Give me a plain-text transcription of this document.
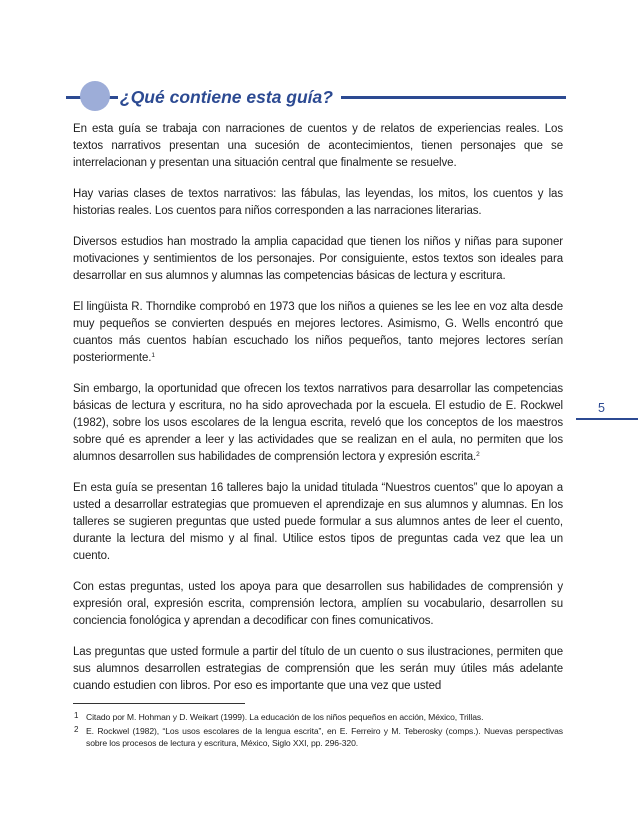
¿Qué contiene esta guía?
5

En esta guía se trabaja con narraciones de cuentos y de relatos de experiencias reales. Los textos narrativos presentan una sucesión de acontecimientos, tienen personajes que se interrelacionan y presentan una situación central que finalmente se resuelve.

Hay varias clases de textos narrativos: las fábulas, las leyendas, los mitos, los cuentos y las historias reales. Los cuentos para niños corresponden a las narraciones literarias.

Diversos estudios han mostrado la amplia capacidad que tienen los niños y niñas para suponer motivaciones y sentimientos de los personajes. Por consiguiente, estos textos son ideales para desarrollar en sus alumnos y alumnas las competencias básicas de lectura y escritura.

El lingüista R. Thorndike comprobó en 1973 que los niños a quienes se les lee en voz alta desde muy pequeños se convierten después en mejores lectores. Asimismo, G. Wells encontró que cuantos más cuentos habían escuchado los niños pequeños, tanto mejores lectores serían posteriormente.$^1$

Sin embargo, la oportunidad que ofrecen los textos narrativos para desarrollar las competencias básicas de lectura y escritura, no ha sido aprovechada por la escuela. El estudio de E. Rockwel (1982), sobre los usos escolares de la lengua escrita, reveló que los conceptos de los maestros sobre qué es aprender a leer y las actividades que se realizan en el aula, no permiten que los alumnos desarrollen sus habilidades de comprensión lectora y expresión escrita.$^2$

En esta guía se presentan 16 talleres bajo la unidad titulada “Nuestros cuentos” que lo apoyan a usted a desarrollar estrategias que promueven el aprendizaje en sus alumnos y alumnas. En los talleres se sugieren preguntas que usted puede formular a sus alumnos antes de leer el cuento, durante la lectura del mismo y al final. Utilice estos tipos de preguntas cada vez que lea un cuento.

Con estas preguntas, usted los apoya para que desarrollen sus habilidades de comprensión y expresión oral, expresión escrita, comprensión lectora, amplíen su vocabulario, desarrollen su conciencia fonológica y aprendan a decodificar con fines comunicativos.

Las preguntas que usted formule a partir del título de un cuento o sus ilustraciones, permiten que sus alumnos desarrollen estrategias de comprensión que les serán muy útiles más adelante cuando estudien con libros. Por eso es importante que una vez que usted

1 Citado por M. Hohman y D. Weikart (1999). La educación de los niños pequeños en acción, México, Trillas.
2 E. Rockwel (1982), “Los usos escolares de la lengua escrita”, en E. Ferreiro y M. Teberosky (comps.). Nuevas perspectivas sobre los procesos de lectura y escritura, México, Siglo XXI, pp. 296-320.
